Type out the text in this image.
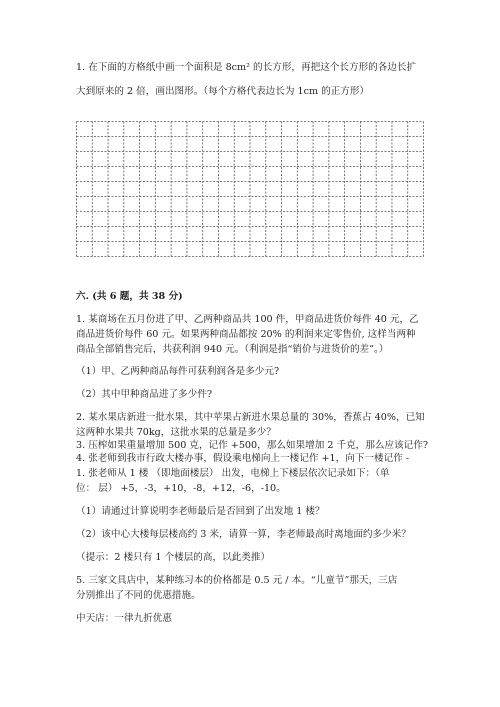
1. 在下面的方格纸中画一个面积是 8cm² 的长方形，再把这个长方形的各边长扩
大到原来的 2 倍，画出图形。（每个方格代表边长为 1cm 的正方形）
六. (共 6 题，共 38 分)
1. 某商场在五月份进了甲、乙两种商品共 100 件，甲商品进货价每件 40 元，乙
商品进货价每件 60 元。如果两种商品都按 20% 的利润来定零售价, 这样当两种
商品全部销售完后，共获利润 940 元。（利润是指“销价与进货价的差”。）
（1）甲、乙两种商品每件可获利润各是多少元?
（2）其中甲种商品进了多少件?
2. 某水果店新进一批水果，其中苹果占新进水果总量的 30%，香蕉占 40%，已知
这两种水果共 70kg，这批水果的总量是多少？
3. 压榨如果重量增加 500 克，记作 +500，那么如果增加 2 千克，那么应该记作?
4. 张老师到我市行政大楼办事，假设乘电梯向上一楼记作 +1，向下一楼记作 -
1. 张老师从 1 楼 （即地面楼层） 出发，电梯上下楼层依次记录如下：（单
位： 层） +5，-3，+10，-8，+12，-6，-10。
（1）请通过计算说明李老师最后是否回到了出发地 1 楼？
（2）该中心大楼每层楼高约 3 米，请算一算，李老师最高时离地面约多少米？
（提示：2 楼只有 1 个楼层的高，以此类推）
5. 三家文具店中，某种练习本的价格都是 0.5 元 / 本。“儿童节”那天，三店
分别推出了不同的优惠措施。
中天店：一律九折优惠
